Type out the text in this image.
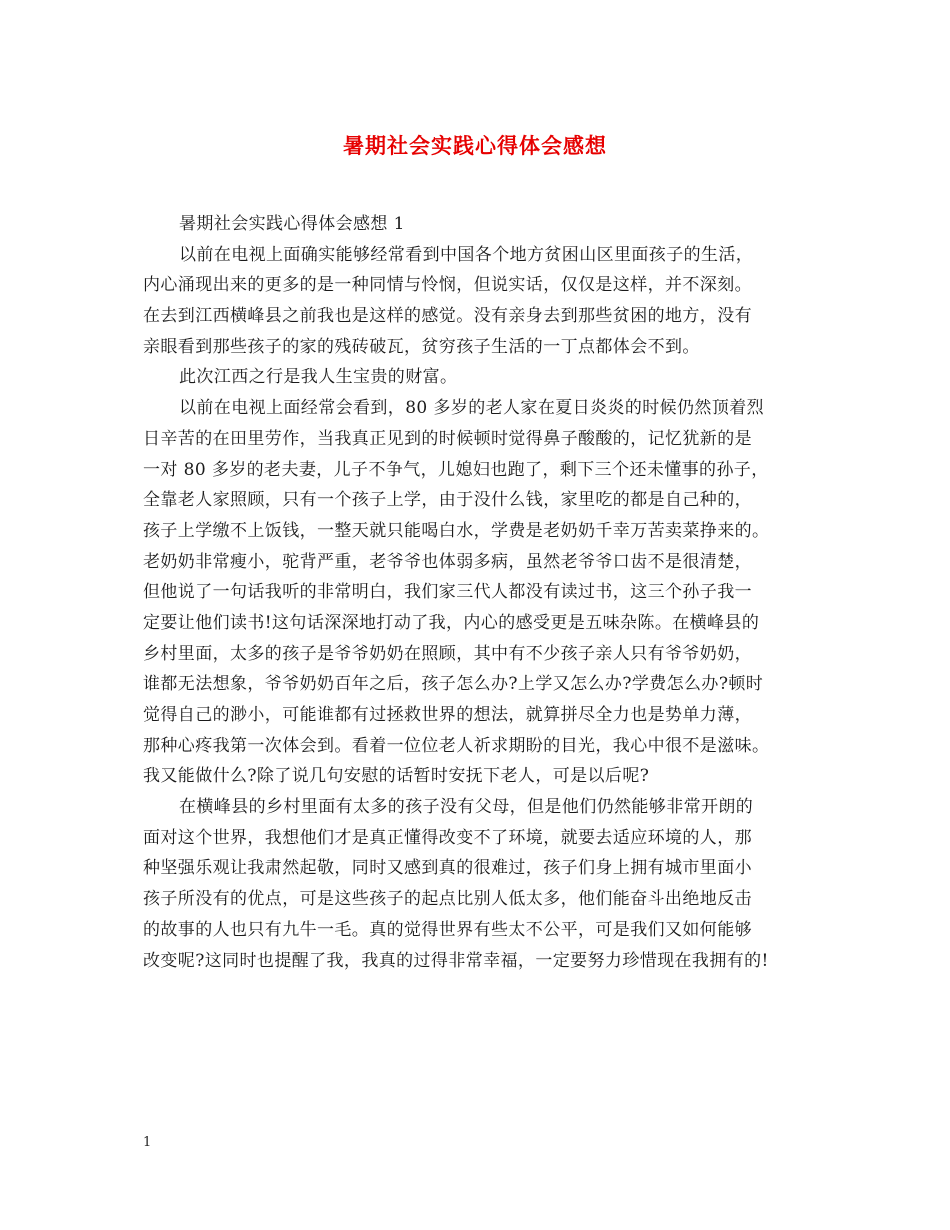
暑期社会实践心得体会感想
暑期社会实践心得体会感想 1
以前在电视上面确实能够经常看到中国各个地方贫困山区里面孩子的生活，
内心涌现出来的更多的是一种同情与怜悯，但说实话，仅仅是这样，并不深刻。
在去到江西横峰县之前我也是这样的感觉。没有亲身去到那些贫困的地方，没有
亲眼看到那些孩子的家的残砖破瓦，贫穷孩子生活的一丁点都体会不到。
此次江西之行是我人生宝贵的财富。
以前在电视上面经常会看到，80 多岁的老人家在夏日炎炎的时候仍然顶着烈
日辛苦的在田里劳作，当我真正见到的时候顿时觉得鼻子酸酸的，记忆犹新的是
一对 80 多岁的老夫妻，儿子不争气，儿媳妇也跑了，剩下三个还未懂事的孙子，
全靠老人家照顾，只有一个孩子上学，由于没什么钱，家里吃的都是自己种的，
孩子上学缴不上饭钱，一整天就只能喝白水，学费是老奶奶千幸万苦卖菜挣来的。
老奶奶非常瘦小，驼背严重，老爷爷也体弱多病，虽然老爷爷口齿不是很清楚，
但他说了一句话我听的非常明白，我们家三代人都没有读过书，这三个孙子我一
定要让他们读书!这句话深深地打动了我，内心的感受更是五味杂陈。在横峰县的
乡村里面，太多的孩子是爷爷奶奶在照顾，其中有不少孩子亲人只有爷爷奶奶，
谁都无法想象，爷爷奶奶百年之后，孩子怎么办?上学又怎么办?学费怎么办?顿时
觉得自己的渺小，可能谁都有过拯救世界的想法，就算拼尽全力也是势单力薄，
那种心疼我第一次体会到。看着一位位老人祈求期盼的目光，我心中很不是滋味。
我又能做什么?除了说几句安慰的话暂时安抚下老人，可是以后呢?
在横峰县的乡村里面有太多的孩子没有父母，但是他们仍然能够非常开朗的
面对这个世界，我想他们才是真正懂得改变不了环境，就要去适应环境的人，那
种坚强乐观让我肃然起敬，同时又感到真的很难过，孩子们身上拥有城市里面小
孩子所没有的优点，可是这些孩子的起点比别人低太多，他们能奋斗出绝地反击
的故事的人也只有九牛一毛。真的觉得世界有些太不公平，可是我们又如何能够
改变呢?这同时也提醒了我，我真的过得非常幸福，一定要努力珍惜现在我拥有的!
1
